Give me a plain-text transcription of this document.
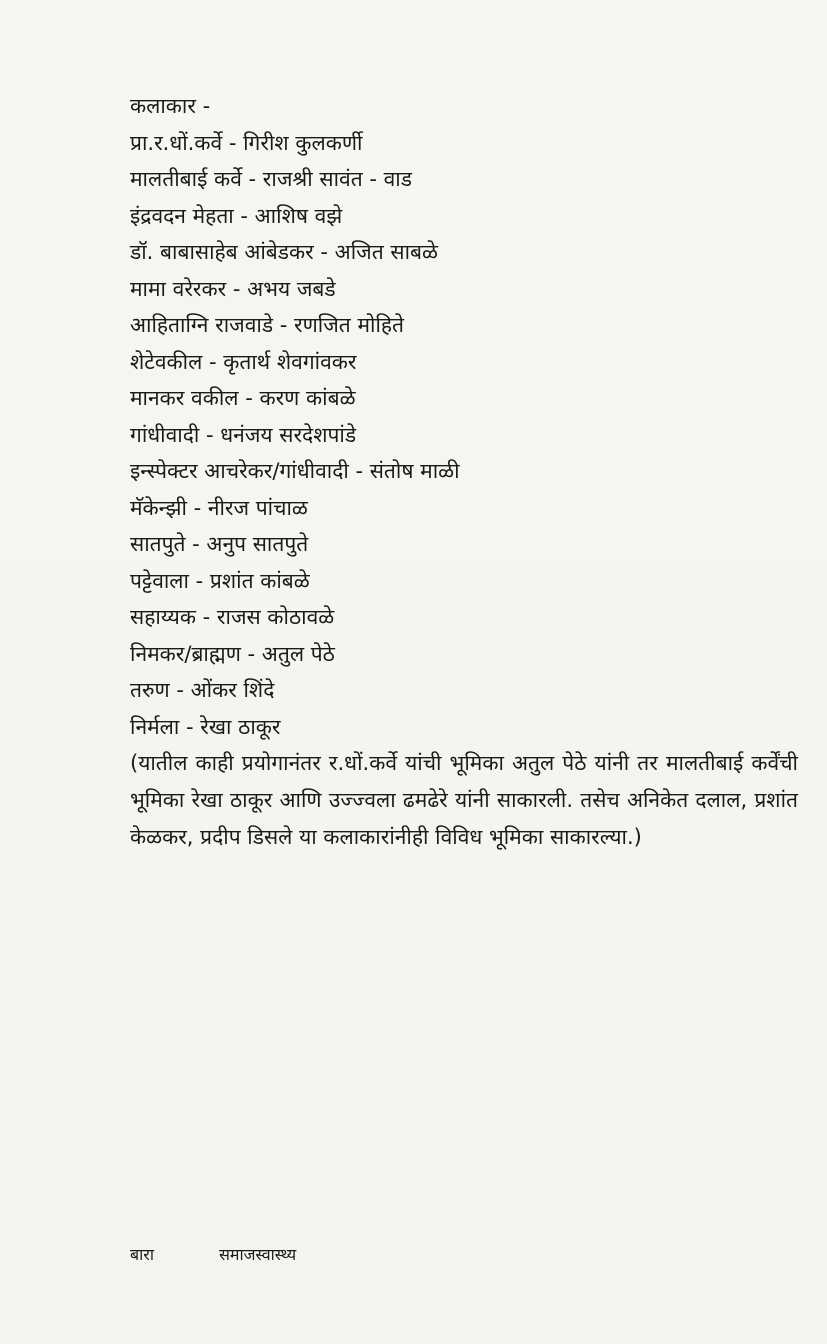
कलाकार -
प्रा.र.धों.कर्वे - गिरीश कुलकर्णी
मालतीबाई कर्वे - राजश्री सावंत - वाड
इंद्रवदन मेहता - आशिष वझे
डॉ. बाबासाहेब आंबेडकर - अजित साबळे
मामा वरेरकर - अभय जबडे
आहिताग्नि राजवाडे - रणजित मोहिते
शेटेवकील - कृतार्थ शेवगांवकर
मानकर वकील - करण कांबळे
गांधीवादी - धनंजय सरदेशपांडे
इन्स्पेक्टर आचरेकर/गांधीवादी - संतोष माळी
मॅकेन्झी - नीरज पांचाळ
सातपुते - अनुप सातपुते
पट्टेवाला - प्रशांत कांबळे
सहाय्यक - राजस कोठावळे
निमकर/ब्राह्मण - अतुल पेठे
तरुण - ओंकर शिंदे
निर्मला - रेखा ठाकूर

(यातील काही प्रयोगानंतर र.धों.कर्वे यांची भूमिका अतुल पेठे यांनी तर मालतीबाई कर्वेंची भूमिका रेखा ठाकूर आणि उज्ज्वला ढमढेरे यांनी साकारली. तसेच अनिकेत दलाल, प्रशांत केळकर, प्रदीप डिसले या कलाकारांनीही विविध भूमिका साकारल्या.)

बारा	समाजस्वास्थ्य
